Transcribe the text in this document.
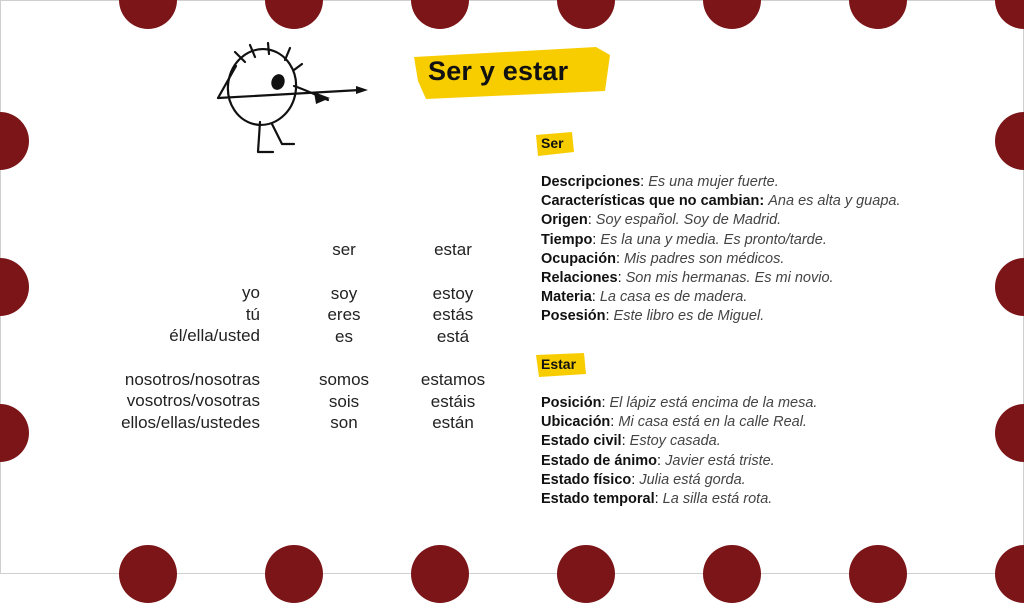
Ser y estar
Ser
Estar
yo
tú
él/ella/usted
nosotros/nosotras
vosotros/vosotras
ellos/ellas/ustedes
ser
soy
eres
es
somos
sois
son
estar
estoy
estás
está
estamos
estáis
están
Descripciones: Es una mujer fuerte.
Características que no cambian: Ana es alta y guapa.
Origen: Soy español. Soy de Madrid.
Tiempo: Es la una y media. Es pronto/tarde.
Ocupación: Mis padres son médicos.
Relaciones: Son mis hermanas. Es mi novio.
Materia: La casa es de madera.
Posesión: Este libro es de Miguel.
Posición: El lápiz está encima de la mesa.
Ubicación: Mi casa está en la calle Real.
Estado civil: Estoy casada.
Estado de ánimo: Javier está triste.
Estado físico: Julia está gorda.
Estado temporal: La silla está rota.
